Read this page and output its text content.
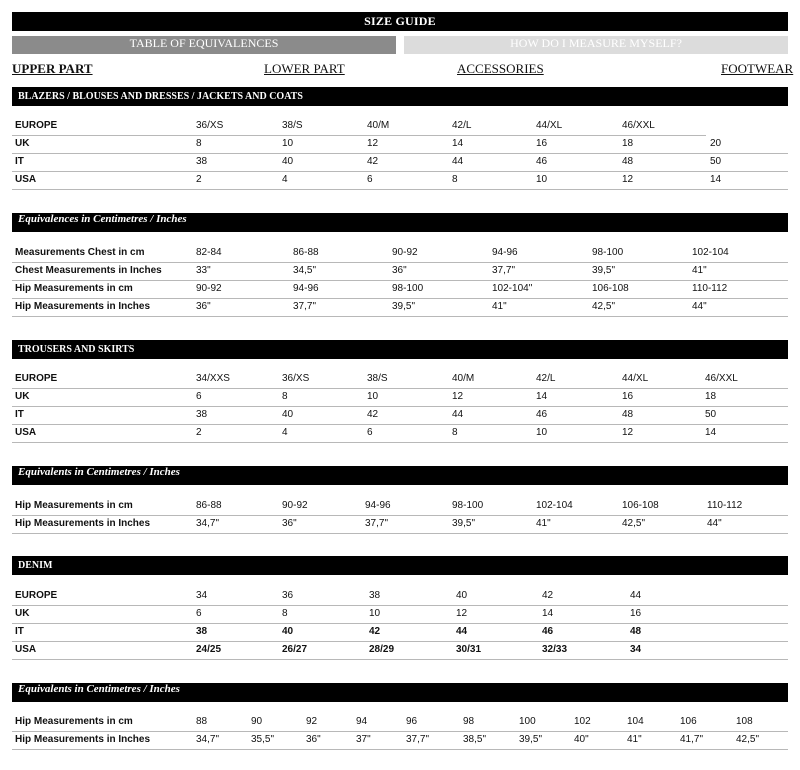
SIZE GUIDE
TABLE OF EQUIVALENCES	HOW DO I MEASURE MYSELF?
UPPER PART	LOWER PART	ACCESSORIES	FOOTWEAR
BLAZERS / BLOUSES AND DRESSES / JACKETS AND COATS
EUROPE	36/XS	38/S	40/M	42/L	44/XL	46/XXL
UK	8	10	12	14	16	18	20
IT	38	40	42	44	46	48	50
USA	2	4	6	8	10	12	14
Equivalences in Centimetres / Inches
Measurements Chest in cm	82-84	86-88	90-92	94-96	98-100	102-104
Chest Measurements in Inches	33"	34,5"	36"	37,7"	39,5"	41"
Hip Measurements in cm	90-92	94-96	98-100	102-104"	106-108	110-112
Hip Measurements in Inches	36"	37,7"	39,5"	41"	42,5"	44"
TROUSERS AND SKIRTS
EUROPE	34/XXS	36/XS	38/S	40/M	42/L	44/XL	46/XXL
UK	6	8	10	12	14	16	18
IT	38	40	42	44	46	48	50
USA	2	4	6	8	10	12	14
Equivalents in Centimetres / Inches
Hip Measurements in cm	86-88	90-92	94-96	98-100	102-104	106-108	110-112
Hip Measurements in Inches	34,7"	36"	37,7"	39,5"	41"	42,5"	44"
DENIM
EUROPE	34	36	38	40	42	44
UK	6	8	10	12	14	16
IT	38	40	42	44	46	48
USA	24/25	26/27	28/29	30/31	32/33	34
Equivalents in Centimetres / Inches
Hip Measurements in cm	88	90	92	94	96	98	100	102	104	106	108
Hip Measurements in Inches	34,7"	35,5"	36"	37"	37,7"	38,5"	39,5"	40"	41"	41,7"	42,5"
